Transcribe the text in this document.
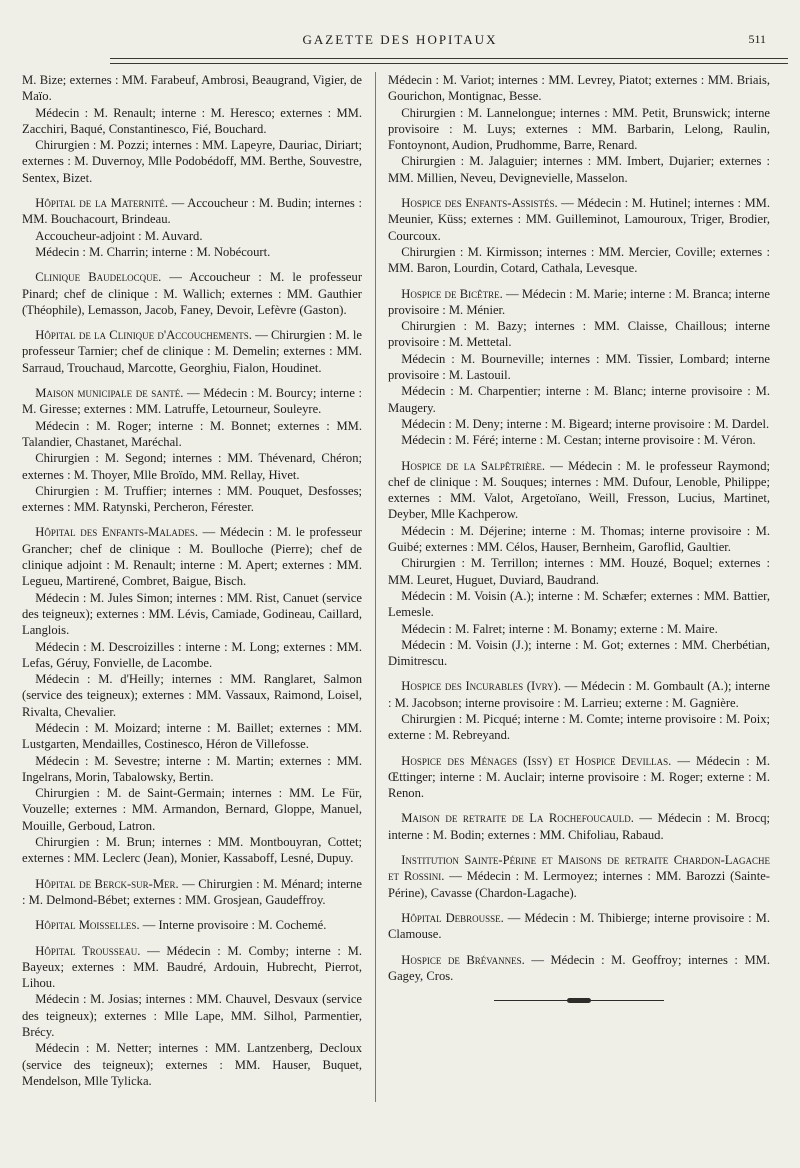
GAZETTE DES HOPITAUX	511

M. Bize; externes : MM. Farabeuf, Ambrosi, Beaugrand, Vigier, de Maïo.

Médecin : M. Renault; interne : M. Heresco; externes : MM. Zacchiri, Baqué, Constantinesco, Fié, Bouchard.

Chirurgien : M. Pozzi; internes : MM. Lapeyre, Dauriac, Diriart; externes : M. Duvernoy, Mlle Podobédoff, MM. Berthe, Souvestre, Sentex, Bizet.

Hôpital de la Maternité. — Accoucheur : M. Budin; internes : MM. Bouchacourt, Brindeau.

Accoucheur-adjoint : M. Auvard.

Médecin : M. Charrin; interne : M. Nobécourt.

Clinique Baudelocque. — Accoucheur : M. le professeur Pinard; chef de clinique : M. Wallich; externes : MM. Gauthier (Théophile), Lemasson, Jacob, Faney, Devoir, Lefèvre (Gaston).

Hôpital de la Clinique d'Accouchements. — Chirurgien : M. le professeur Tarnier; chef de clinique : M. Demelin; externes : MM. Sarraud, Trouchaud, Marcotte, Georghiu, Fialon, Houdinet.

Maison municipale de santé. — Médecin : M. Bourcy; interne : M. Giresse; externes : MM. Latruffe, Letourneur, Souleyre.

Médecin : M. Roger; interne : M. Bonnet; externes : MM. Talandier, Chastanet, Maréchal.

Chirurgien : M. Segond; internes : MM. Thévenard, Chéron; externes : M. Thoyer, Mlle Broïdo, MM. Rellay, Hivet.

Chirurgien : M. Truffier; internes : MM. Pouquet, Desfosses; externes : MM. Ratynski, Percheron, Férester.

Hôpital des Enfants-Malades. — Médecin : M. le professeur Grancher; chef de clinique : M. Boulloche (Pierre); chef de clinique adjoint : M. Renault; interne : M. Apert; externes : MM. Legueu, Martirené, Combret, Baigue, Bisch.

Médecin : M. Jules Simon; internes : MM. Rist, Canuet (service des teigneux); externes : MM. Lévis, Camiade, Godineau, Caillard, Langlois.

Médecin : M. Descroizilles : interne : M. Long; externes : MM. Lefas, Géruy, Fonvielle, de Lacombe.

Médecin : M. d'Heilly; internes : MM. Ranglaret, Salmon (service des teigneux); externes : MM. Vassaux, Raimond, Loisel, Rivalta, Chevalier.

Médecin : M. Moizard; interne : M. Baillet; externes : MM. Lustgarten, Mendailles, Costinesco, Héron de Villefosse.

Médecin : M. Sevestre; interne : M. Martin; externes : MM. Ingelrans, Morin, Tabalowsky, Bertin.

Chirurgien : M. de Saint-Germain; internes : MM. Le Für, Vouzelle; externes : MM. Armandon, Bernard, Gloppe, Manuel, Mouille, Gerboud, Latron.

Chirurgien : M. Brun; internes : MM. Montbouyran, Cottet; externes : MM. Leclerc (Jean), Monier, Kassaboff, Lesné, Dupuy.

Hôpital de Berck-sur-Mer. — Chirurgien : M. Ménard; interne : M. Delmond-Bébet; externes : MM. Grosjean, Gaudeffroy.

Hôpital Moisselles. — Interne provisoire : M. Cochemé.

Hôpital Trousseau. — Médecin : M. Comby; interne : M. Bayeux; externes : MM. Baudré, Ardouin, Hubrecht, Pierrot, Lihou.

Médecin : M. Josias; internes : MM. Chauvel, Desvaux (service des teigneux); externes : Mlle Lape, MM. Silhol, Parmentier, Brécy.

Médecin : M. Netter; internes : MM. Lantzenberg, Decloux (service des teigneux); externes : MM. Hauser, Buquet, Mendelson, Mlle Tylicka.

Médecin : M. Variot; internes : MM. Levrey, Piatot; externes : MM. Briais, Gourichon, Montignac, Besse.

Chirurgien : M. Lannelongue; internes : MM. Petit, Brunswick; interne provisoire : M. Luys; externes : MM. Barbarin, Lelong, Raulin, Fontoynont, Audion, Prudhomme, Barre, Renard.

Chirurgien : M. Jalaguier; internes : MM. Imbert, Dujarier; externes : MM. Millien, Neveu, Devignevielle, Masselon.

Hospice des Enfants-Assistés. — Médecin : M. Hutinel; internes : MM. Meunier, Küss; externes : MM. Guilleminot, Lamouroux, Triger, Brodier, Courcoux.

Chirurgien : M. Kirmisson; internes : MM. Mercier, Coville; externes : MM. Baron, Lourdin, Cotard, Cathala, Levesque.

Hospice de Bicêtre. — Médecin : M. Marie; interne : M. Branca; interne provisoire : M. Ménier.

Chirurgien : M. Bazy; internes : MM. Claisse, Chaillous; interne provisoire : M. Mettetal.

Médecin : M. Bourneville; internes : MM. Tissier, Lombard; interne provisoire : M. Lastouil.

Médecin : M. Charpentier; interne : M. Blanc; interne provisoire : M. Maugery.

Médecin : M. Deny; interne : M. Bigeard; interne provisoire : M. Dardel.

Médecin : M. Féré; interne : M. Cestan; interne provisoire : M. Véron.

Hospice de la Salpêtrière. — Médecin : M. le professeur Raymond; chef de clinique : M. Souques; internes : MM. Dufour, Lenoble, Philippe; externes : MM. Valot, Argetoïano, Weill, Fresson, Lucius, Martinet, Deyber, Mlle Kachperow.

Médecin : M. Déjerine; interne : M. Thomas; interne provisoire : M. Guibé; externes : MM. Célos, Hauser, Bernheim, Garoflid, Gaultier.

Chirurgien : M. Terrillon; internes : MM. Houzé, Boquel; externes : MM. Leuret, Huguet, Duviard, Baudrand.

Médecin : M. Voisin (A.); interne : M. Schæfer; externes : MM. Battier, Lemesle.

Médecin : M. Falret; interne : M. Bonamy; externe : M. Maire.

Médecin : M. Voisin (J.); interne : M. Got; externes : MM. Cherbétian, Dimitrescu.

Hospice des Incurables (Ivry). — Médecin : M. Gombault (A.); interne : M. Jacobson; interne provisoire : M. Larrieu; externe : M. Gagnière.

Chirurgien : M. Picqué; interne : M. Comte; interne provisoire : M. Poix; externe : M. Rebreyand.

Hospice des Ménages (Issy) et Hospice Devillas. — Médecin : M. Œttinger; interne : M. Auclair; interne provisoire : M. Roger; externe : M. Renon.

Maison de retraite de La Rochefoucauld. — Médecin : M. Brocq; interne : M. Bodin; externes : MM. Chifoliau, Rabaud.

Institution Sainte-Périne et Maisons de retraite Chardon-Lagache et Rossini. — Médecin : M. Lermoyez; internes : MM. Barozzi (Sainte-Périne), Cavasse (Chardon-Lagache).

Hôpital Debrousse. — Médecin : M. Thibierge; interne provisoire : M. Clamouse.

Hospice de Brévannes. — Médecin : M. Geoffroy; internes : MM. Gagey, Cros.
